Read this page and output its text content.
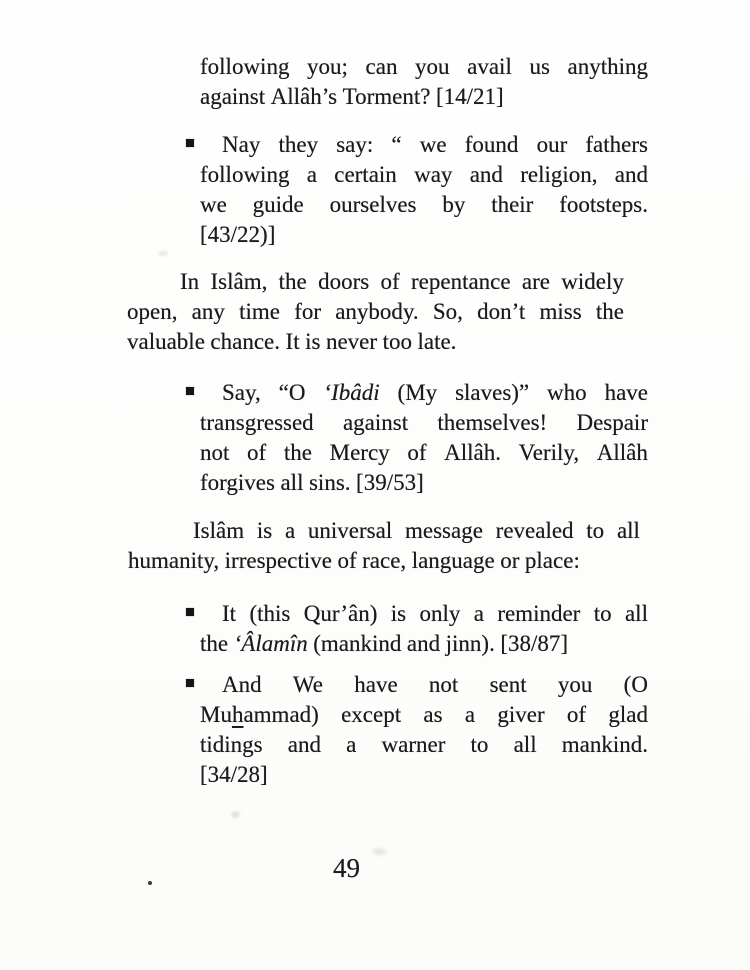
following you; can you avail us anything
against Allâh’s Torment? [14/21]
Nay they say: “ we found our fathers
following a certain way and religion, and
we guide ourselves by their footsteps.
[43/22)]
In Islâm, the doors of repentance are widely
open, any time for anybody. So, don’t miss the
valuable chance. It is never too late.
Say, “O ‘Ibâdi (My slaves)” who have
transgressed against themselves! Despair
not of the Mercy of Allâh. Verily, Allâh
forgives all sins. [39/53]
Islâm is a universal message revealed to all
humanity, irrespective of race, language or place:
It (this Qur’ân) is only a reminder to all
the ‘Âlamîn (mankind and jinn). [38/87]
And We have not sent you (O
Muhammad) except as a giver of glad
tidings and a warner to all mankind.
[34/28]
49
